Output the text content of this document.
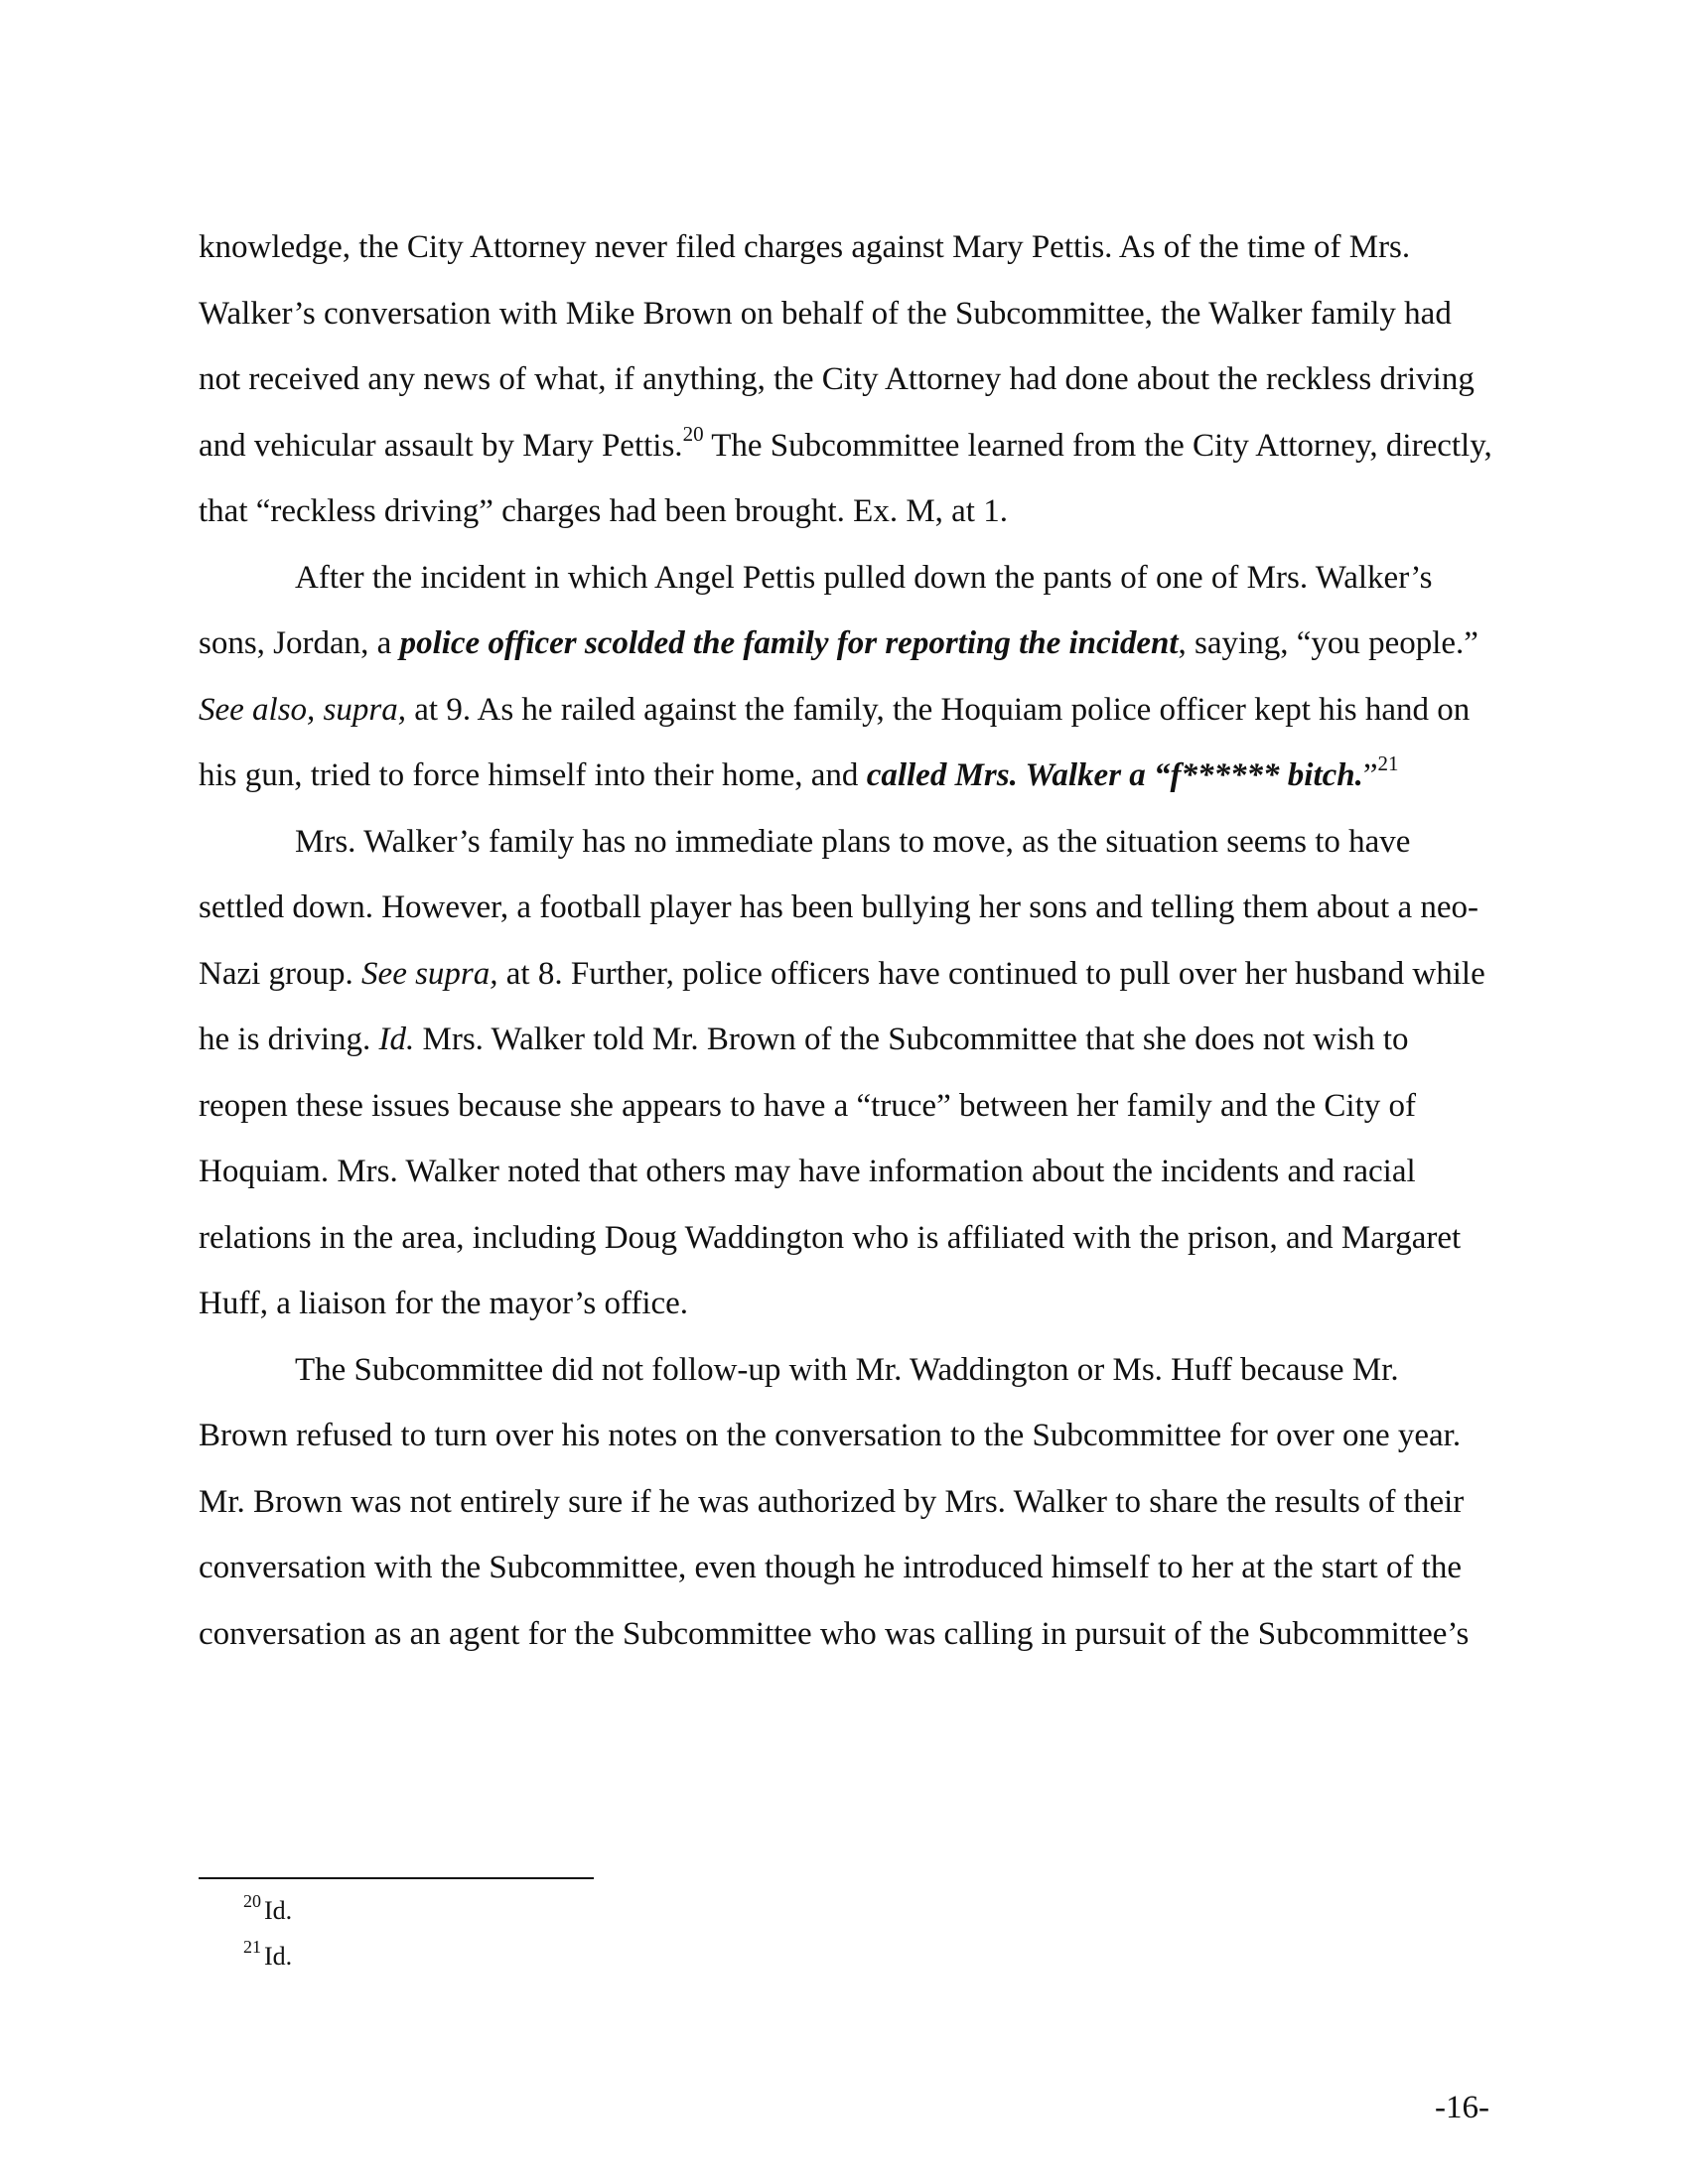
knowledge, the City Attorney never filed charges against Mary Pettis. As of the time of Mrs. Walker’s conversation with Mike Brown on behalf of the Subcommittee, the Walker family had not received any news of what, if anything, the City Attorney had done about the reckless driving and vehicular assault by Mary Pettis.$^{20}$ The Subcommittee learned from the City Attorney, directly, that “reckless driving” charges had been brought. Ex. M, at 1.

After the incident in which Angel Pettis pulled down the pants of one of Mrs. Walker’s sons, Jordan, a police officer scolded the family for reporting the incident, saying, “you people.” See also, supra, at 9. As he railed against the family, the Hoquiam police officer kept his hand on his gun, tried to force himself into their home, and called Mrs. Walker a “f****** bitch.”$^{21}$

Mrs. Walker’s family has no immediate plans to move, as the situation seems to have settled down. However, a football player has been bullying her sons and telling them about a neo-Nazi group. See supra, at 8. Further, police officers have continued to pull over her husband while he is driving. Id. Mrs. Walker told Mr. Brown of the Subcommittee that she does not wish to reopen these issues because she appears to have a “truce” between her family and the City of Hoquiam. Mrs. Walker noted that others may have information about the incidents and racial relations in the area, including Doug Waddington who is affiliated with the prison, and Margaret Huff, a liaison for the mayor’s office.

The Subcommittee did not follow-up with Mr. Waddington or Ms. Huff because Mr. Brown refused to turn over his notes on the conversation to the Subcommittee for over one year. Mr. Brown was not entirely sure if he was authorized by Mrs. Walker to share the results of their conversation with the Subcommittee, even though he introduced himself to her at the start of the conversation as an agent for the Subcommittee who was calling in pursuit of the Subcommittee’s

$^{20}$ Id.

$^{21}$ Id.

-16-
